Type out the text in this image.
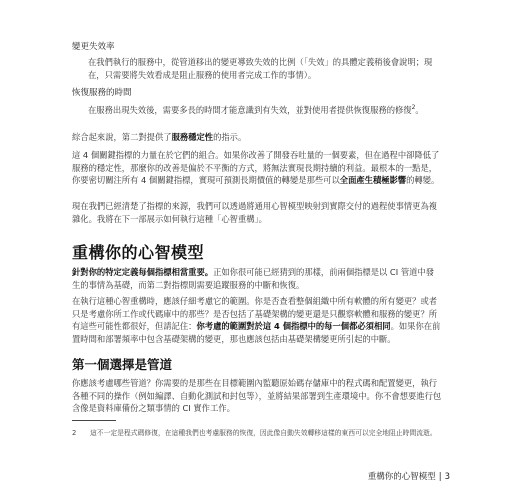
變更失效率
在我們執行的服務中，從管道移出的變更導致失效的比例（「失效」的具體定義稍後會說明；現在，只需要將失效看成是阻止服務的使用者完成工作的事情）。
恢復服務的時間
在服務出現失效後，需要多長的時間才能意識到有失效，並對使用者提供恢復服務的修復$^2$。
綜合起來說，第二對提供了服務穩定性的指示。
這 4 個關鍵指標的力量在於它們的組合。如果你改善了開發吞吐量的一個要素，但在過程中卻降低了服務的穩定性，那麼你的改善是偏於不平衡的方式，將無法實現長期持續的利益。最根本的一點是，你要密切關注所有 4 個關鍵指標，實現可預測長期價值的轉變是那些可以全面產生積極影響的轉變。
現在我們已經清楚了指標的來源，我們可以透過將通用心智模型映射到實際交付的過程使事情更為複雜化。我將在下一部展示如何執行這種「心智重構」。
重構你的心智模型
針對你的特定定義每個指標相當重要。正如你很可能已經猜到的那樣，前兩個指標是以 CI 管道中發生的事情為基礎，而第二對指標則需要追蹤服務的中斷和恢復。
在執行這種心智重構時，應該仔細考慮它的範圍。你是否查看整個組織中所有軟體的所有變更？或者只是考慮你所工作或代碼庫中的那些？是否包括了基礎架構的變更還是只觀察軟體和服務的變更？所有這些可能性都很好，但請記住：你考慮的範圍對於這 4 個指標中的每一個都必須相同。如果你在前置時間和部署頻率中包含基礎架構的變更，那也應該包括由基礎架構變更所引起的中斷。
第一個選擇是管道
你應該考慮哪些管道？你需要的是那些在目標範圍內監聽原始碼存儲庫中的程式碼和配置變更，執行各種不同的操作（例如編譯、自動化測試和封包等），並將結果部署到生產環境中。你不會想要進行包含像是資料庫備份之類事情的 CI 實作工作。
2 這不一定是程式碼修復，在這種我們也考慮服務的恢復，因此像自動失效轉移這樣的東西可以完全地阻止時間流逝。
重構你的心智模型 | 3
